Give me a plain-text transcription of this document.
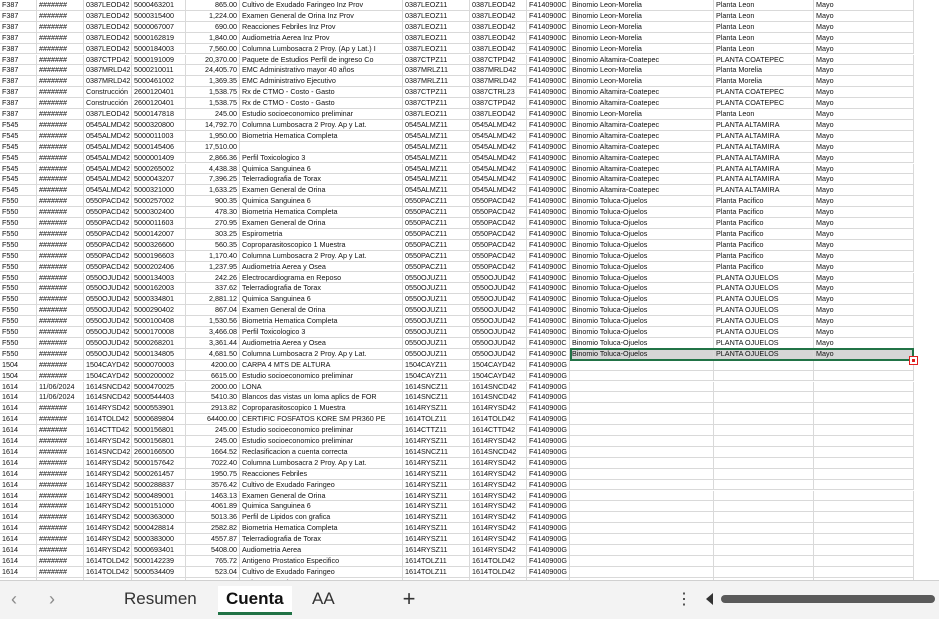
F387	#######	0387LEOD42 5000463201	865.00 Cultivo de Exudado Faringeo Inz Prov	0387LEOZ11	0387LEOD42	F4140900C Binomio Leon-Morelia	Planta Leon	Mayo
F387	#######	0387LEOD42 5000315400	1,224.00 Examen General de Orina Inz Prov	0387LEOZ11	0387LEOD42	F4140900C Binomio Leon-Morelia	Planta Leon	Mayo
F387	#######	0387LEOD42 5000067007	690.00 Reacciones Febriles Inz Prov	0387LEOZ11	0387LEOD42	F4140900C Binomio Leon-Morelia	Planta Leon	Mayo
F387	#######	0387LEOD42 5000162819	1,840.00 Audiometria Aerea Inz Prov	0387LEOZ11	0387LEOD42	F4140900C Binomio Leon-Morelia	Planta Leon	Mayo
F387	#######	0387LEOD42 5000184003	7,560.00 Columna Lumbosacra 2 Proy. (Ap y Lat.) I	0387LEOZ11	0387LEOD42	F4140900C Binomio Leon-Morelia	Planta Leon	Mayo
F387	#######	0387CTPD42 5000191009	20,370.00 Paquete de Estudios Perfil de ingreso Co	0387CTPZ11	0387CTPD42	F4140900C Binomio Altamira-Coatepec	PLANTA COATEPEC	Mayo
F387	#######	0387MRLD42 5000210011	24,405.70 EMC Administrativo mayor 40 años	0387MRLZ11	0387MRLD42	F4140900C Binomio Leon-Morelia	Planta Morelia	Mayo
F387	#######	0387MRLD42 5000461002	1,369.35 EMC Administrativo Ejecutivo	0387MRLZ11	0387MRLD42	F4140900C Binomio Leon-Morelia	Planta Morelia	Mayo
F387	#######	Construcción 2600120401	1,538.75 Rx de CTMO - Costo - Gasto	0387CTPZ11	0387CTRL23	F4140900C Binomio Altamira-Coatepec	PLANTA COATEPEC	Mayo
F387	#######	Construcción 2600120401	1,538.75 Rx de CTMO - Costo - Gasto	0387CTPZ11	0387CTPD42	F4140900C Binomio Altamira-Coatepec	PLANTA COATEPEC	Mayo
F387	#######	0387LEOD42 5000147818	245.00 Estudio socioeconomico preliminar	0387LEOZ11	0387LEOD42	F4140900C Binomio Leon-Morelia	Planta Leon	Mayo
F545	#######	0545ALMD42 5000320800	14,792.70 Columna Lumbosacra 2 Proy. Ap y Lat.	0545ALMZ11	0545ALMD42	F4140900C Binomio Altamira-Coatepec	PLANTA ALTAMIRA	Mayo
F545	#######	0545ALMD42 5000011003	1,950.00 Biometria Hematica Completa	0545ALMZ11	0545ALMD42	F4140900C Binomio Altamira-Coatepec	PLANTA ALTAMIRA	Mayo
F545	#######	0545ALMD42 5000145406	17,510.00	0545ALMZ11	0545ALMD42	F4140900C Binomio Altamira-Coatepec	PLANTA ALTAMIRA	Mayo
F545	#######	0545ALMD42 5000001409	2,866.36 Perfil Toxicologico 3	0545ALMZ11	0545ALMD42	F4140900C Binomio Altamira-Coatepec	PLANTA ALTAMIRA	Mayo
F545	#######	0545ALMD42 5000265002	4,438.38 Quimica Sanguinea 6	0545ALMZ11	0545ALMD42	F4140900C Binomio Altamira-Coatepec	PLANTA ALTAMIRA	Mayo
F545	#######	0545ALMD42 5000043207	7,396.25 Telerradiografia de Torax	0545ALMZ11	0545ALMD42	F4140900C Binomio Altamira-Coatepec	PLANTA ALTAMIRA	Mayo
F545	#######	0545ALMD42 5000321000	1,633.25 Examen General de Orina	0545ALMZ11	0545ALMD42	F4140900C Binomio Altamira-Coatepec	PLANTA ALTAMIRA	Mayo
F550	#######	0550PACD42 5000257002	900.35 Quimica Sanguinea 6	0550PACZ11	0550PACD42	F4140900C Binomio Toluca-Ojuelos	Planta Pacifico	Mayo
F550	#######	0550PACD42 5000302400	478.30 Biometria Hematica Completa	0550PACZ11	0550PACD42	F4140900C Binomio Toluca-Ojuelos	Planta Pacifico	Mayo
F550	#######	0550PACD42 5000011603	270.95 Examen General de Orina	0550PACZ11	0550PACD42	F4140900C Binomio Toluca-Ojuelos	Planta Pacifico	Mayo
F550	#######	0550PACD42 5000142007	303.25 Espirometria	0550PACZ11	0550PACD42	F4140900C Binomio Toluca-Ojuelos	Planta Pacifico	Mayo
F550	#######	0550PACD42 5000326600	560.35 Coproparasitoscopico 1 Muestra	0550PACZ11	0550PACD42	F4140900C Binomio Toluca-Ojuelos	Planta Pacifico	Mayo
F550	#######	0550PACD42 5000196603	1,170.40 Columna Lumbosacra 2 Proy. Ap y Lat.	0550PACZ11	0550PACD42	F4140900C Binomio Toluca-Ojuelos	Planta Pacifico	Mayo
F550	#######	0550PACD42 5000202406	1,237.95 Audiometria Aerea y Osea	0550PACZ11	0550PACD42	F4140900C Binomio Toluca-Ojuelos	Planta Pacifico	Mayo
F550	#######	0550OJUD42 5000134003	242.26 Electrocardiograma en Reposo	0550OJUZ11	0550OJUD42	F4140900C Binomio Toluca-Ojuelos	PLANTA OJUELOS	Mayo
F550	#######	0550OJUD42 5000162003	337.62 Telerradiografia de Torax	0550OJUZ11	0550OJUD42	F4140900C Binomio Toluca-Ojuelos	PLANTA OJUELOS	Mayo
F550	#######	0550OJUD42 5000334801	2,881.12 Quimica Sanguinea 6	0550OJUZ11	0550OJUD42	F4140900C Binomio Toluca-Ojuelos	PLANTA OJUELOS	Mayo
F550	#######	0550OJUD42 5000290402	867.04 Examen General de Orina	0550OJUZ11	0550OJUD42	F4140900C Binomio Toluca-Ojuelos	PLANTA OJUELOS	Mayo
F550	#######	0550OJUD42 5000100408	1,530.56 Biometria Hematica Completa	0550OJUZ11	0550OJUD42	F4140900C Binomio Toluca-Ojuelos	PLANTA OJUELOS	Mayo
F550	#######	0550OJUD42 5000170008	3,466.08 Perfil Toxicologico 3	0550OJUZ11	0550OJUD42	F4140900C Binomio Toluca-Ojuelos	PLANTA OJUELOS	Mayo
F550	#######	0550OJUD42 5000268201	3,361.44 Audiometria Aerea y Osea	0550OJUZ11	0550OJUD42	F4140900C Binomio Toluca-Ojuelos	PLANTA OJUELOS	Mayo
F550	#######	0550OJUD42 5000134805	4,681.50 Columna Lumbosacra 2 Proy. Ap y Lat.	0550OJUZ11	0550OJUD42	F4140900C Binomio Toluca-Ojuelos	PLANTA OJUELOS	Mayo
1504	#######	1504CAYD42 5000070003	4200.00 CARPA 4 MTS DE ALTURA	1504CAYZ11	1504CAYD42	F4140900G
1504	#######	1504CAYD42 5000200002	6615.00 Estudio socioeconomico preliminar	1504CAYZ11	1504CAYD42	F4140900G
1614	11/06/2024	1614SNCD42 5000470025	2000.00 LONA	1614SNCZ11	1614SNCD42	F4140900G
1614	11/06/2024	1614SNCD42 5000544403	5410.30 Blancos das vistas un loma aplics de FOR	1614SNCZ11	1614SNCD42	F4140900G
1614	#######	1614RYSD42 5000553901	2913.82 Coproparasitoscopico 1 Muestra	1614RYSZ11	1614RYSD42	F4140900G
1614	#######	1614TOLD42 5000689804	64400.00 CERTIFIC FOSFATOS KORE SM PR360 PE	1614TOLZ11	1614TOLD42	F4140900G
1614	#######	1614CTTD42 5000156801	245.00 Estudio socioeconomico preliminar	1614CTTZ11	1614CTTD42	F4140900G
1614	#######	1614RYSD42 5000156801	245.00 Estudio socioeconomico preliminar	1614RYSZ11	1614RYSD42	F4140900G
1614	#######	1614SNCD42 2600166500	1664.52 Reclasificacion a cuenta correcta	1614SNCZ11	1614SNCD42	F4140900G
1614	#######	1614RYSD42 5000157642	7022.40 Columna Lumbosacra 2 Proy. Ap y Lat.	1614RYSZ11	1614RYSD42	F4140900G
1614	#######	1614RYSD42 5000261457	1950.75 Reacciones Febriles	1614RYSZ11	1614RYSD42	F4140900G
1614	#######	1614RYSD42 5000288837	3576.42 Cultivo de Exudado Faringeo	1614RYSZ11	1614RYSD42	F4140900G
1614	#######	1614RYSD42 5000489001	1463.13 Examen General de Orina	1614RYSZ11	1614RYSD42	F4140900G
1614	#######	1614RYSD42 5000151000	4061.89 Quimica Sanguinea 6	1614RYSZ11	1614RYSD42	F4140900G
1614	#######	1614RYSD42 5000363000	5013.36 Perfil de Lipidos con grafica	1614RYSZ11	1614RYSD42	F4140900G
1614	#######	1614RYSD42 5000428814	2582.82 Biometria Hematica Completa	1614RYSZ11	1614RYSD42	F4140900G
1614	#######	1614RYSD42 5000383000	4557.87 Telerradiografia de Torax	1614RYSZ11	1614RYSD42	F4140900G
1614	#######	1614RYSD42 5000693401	5408.00 Audiometria Aerea	1614RYSZ11	1614RYSD42	F4140900G
1614	#######	1614TOLD42 5000142239	765.72 Antigeno Prostatico Especifico	1614TOLZ11	1614TOLD42	F4140900G
1614	#######	1614TOLD42 5000534409	523.04 Cultivo de Exudado Faringeo	1614TOLZ11	1614TOLD42	F4140900G
‹	›	Resumen	Cuenta	AA	+	⋮
